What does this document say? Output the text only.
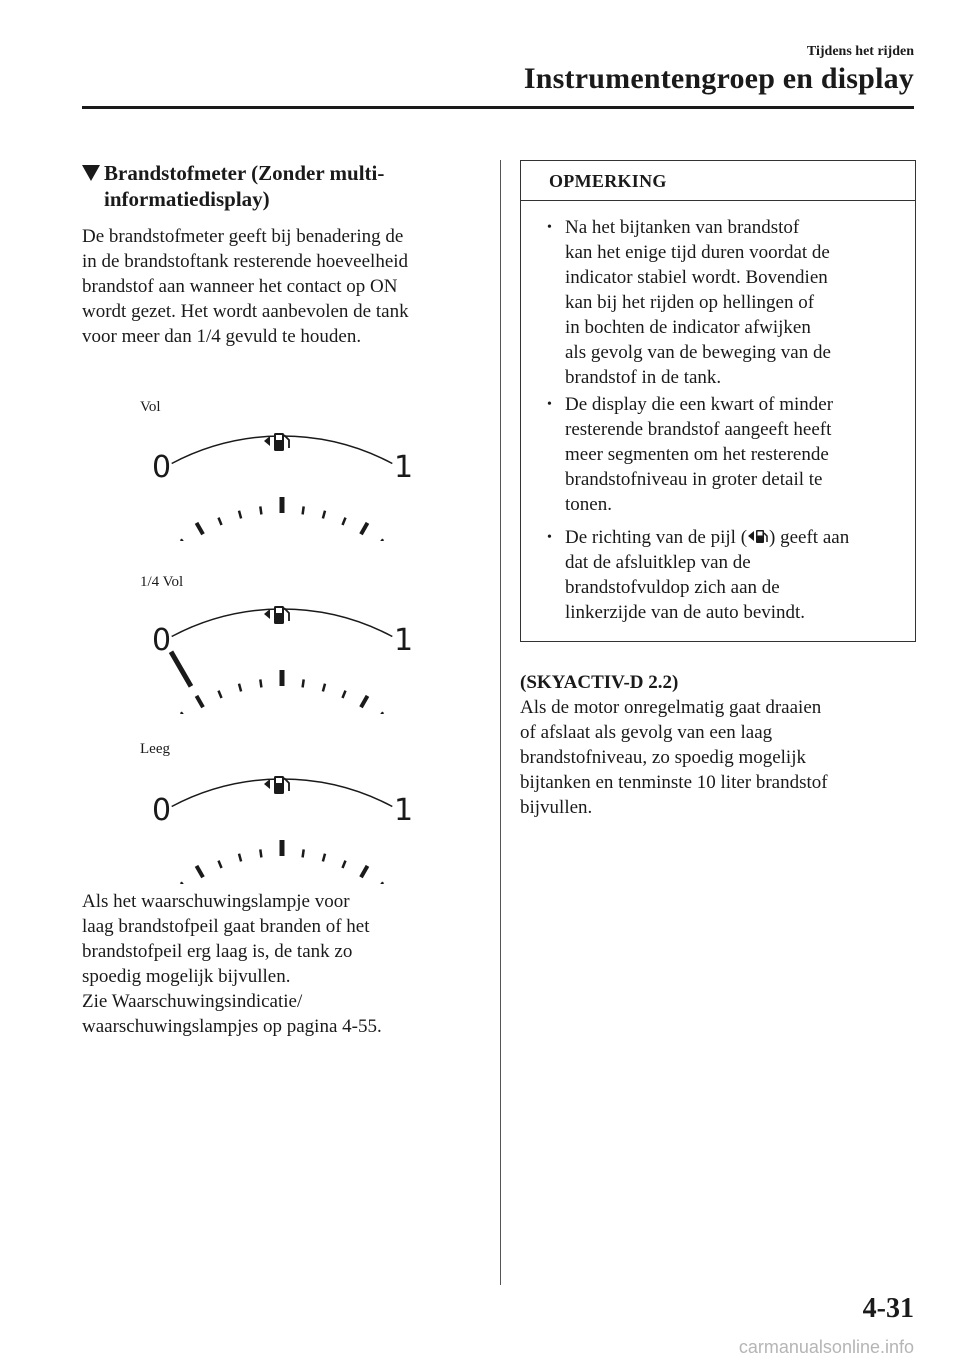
Tijdens het rijden
Instrumentengroep en display
Brandstofmeter (Zonder multi-
informatiedisplay)
De brandstofmeter geeft bij benadering de
in de brandstoftank resterende hoeveelheid
brandstof aan wanneer het contact op ON
wordt gezet. Het wordt aanbevolen de tank
voor meer dan 1/4 gevuld te houden.
Vol
0	1
1/4 Vol
0	1
Leeg
0	1
Als het waarschuwingslampje voor
laag brandstofpeil gaat branden of het
brandstofpeil erg laag is, de tank zo
spoedig mogelijk bijvullen.
Zie Waarschuwingsindicatie/
waarschuwingslampjes op pagina 4-55.
OPMERKING
• Na het bijtanken van brandstof
kan het enige tijd duren voordat de
indicator stabiel wordt. Bovendien
kan bij het rijden op hellingen of
in bochten de indicator afwijken
als gevolg van de beweging van de
brandstof in de tank.
• De display die een kwart of minder
resterende brandstof aangeeft heeft
meer segmenten om het resterende
brandstofniveau in groter detail te
tonen.
• De richting van de pijl ( ) geeft aan
dat de afsluitklep van de
brandstofvuldop zich aan de
linkerzijde van de auto bevindt.
(SKYACTIV-D 2.2)
Als de motor onregelmatig gaat draaien
of afslaat als gevolg van een laag
brandstofniveau, zo spoedig mogelijk
bijtanken en tenminste 10 liter brandstof
bijvullen.
4-31
carmanualsonline.info
